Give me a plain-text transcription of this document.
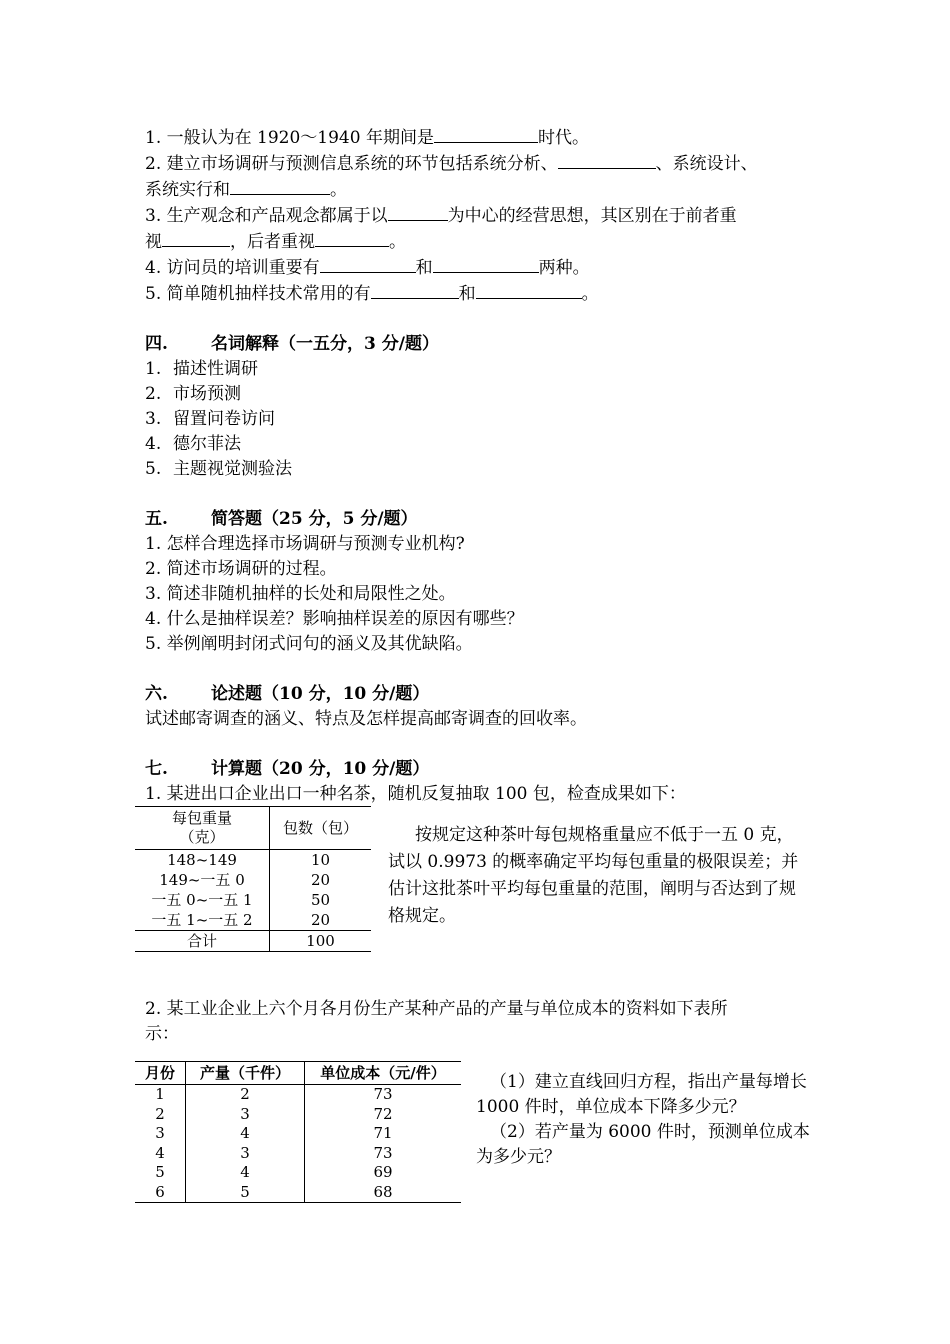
1. 一般认为在 1920～1940 年期间是	时代。
2. 建立市场调研与预测信息系统的环节包括系统分析、	、系统设计、
系统实行和	。
3. 生产观念和产品观念都属于以	为中心的经营思想，其区别在于前者重
视	，后者重视	。
4. 访问员的培训重要有	和	两种。
5. 简单随机抽样技术常用的有	和	。
四.	名词解释（一五分，3 分/题）
1. 描述性调研
2. 市场预测
3. 留置问卷访问
4. 德尔菲法
5. 主题视觉测验法
五.	简答题（25 分，5 分/题）
1. 怎样合理选择市场调研与预测专业机构?
2. 简述市场调研的过程。
3. 简述非随机抽样的长处和局限性之处。
4. 什么是抽样误差？影响抽样误差的原因有哪些？
5. 举例阐明封闭式问句的涵义及其优缺陷。
六.	论述题（10 分，10 分/题）
试述邮寄调查的涵义、特点及怎样提高邮寄调查的回收率。
七.	计算题（20 分，10 分/题）
1. 某进出口企业出口一种名茶，随机反复抽取 100 包，检查成果如下：
每包重量
（克）	包数（包）
148~149	10
149~一五 0	20
一五 0~一五 1	50
一五 1~一五 2	20
合计	100
按规定这种茶叶每包规格重量应不低于一五 0 克，试以 0.9973 的概率确定平均每包重量的极限误差；并估计这批茶叶平均每包重量的范围，阐明与否达到了规格规定。
2. 某工业企业上六个月各月份生产某种产品的产量与单位成本的资料如下表所
示：
月份	产量（千件）	单位成本（元/件）
1	2	73
2	3	72
3	4	71
4	3	73
5	4	69
6	5	68

（1）建立直线回归方程，指出产量每增长 1000 件时，单位成本下降多少元？

（2）若产量为 6000 件时，预测单位成本为多少元？
